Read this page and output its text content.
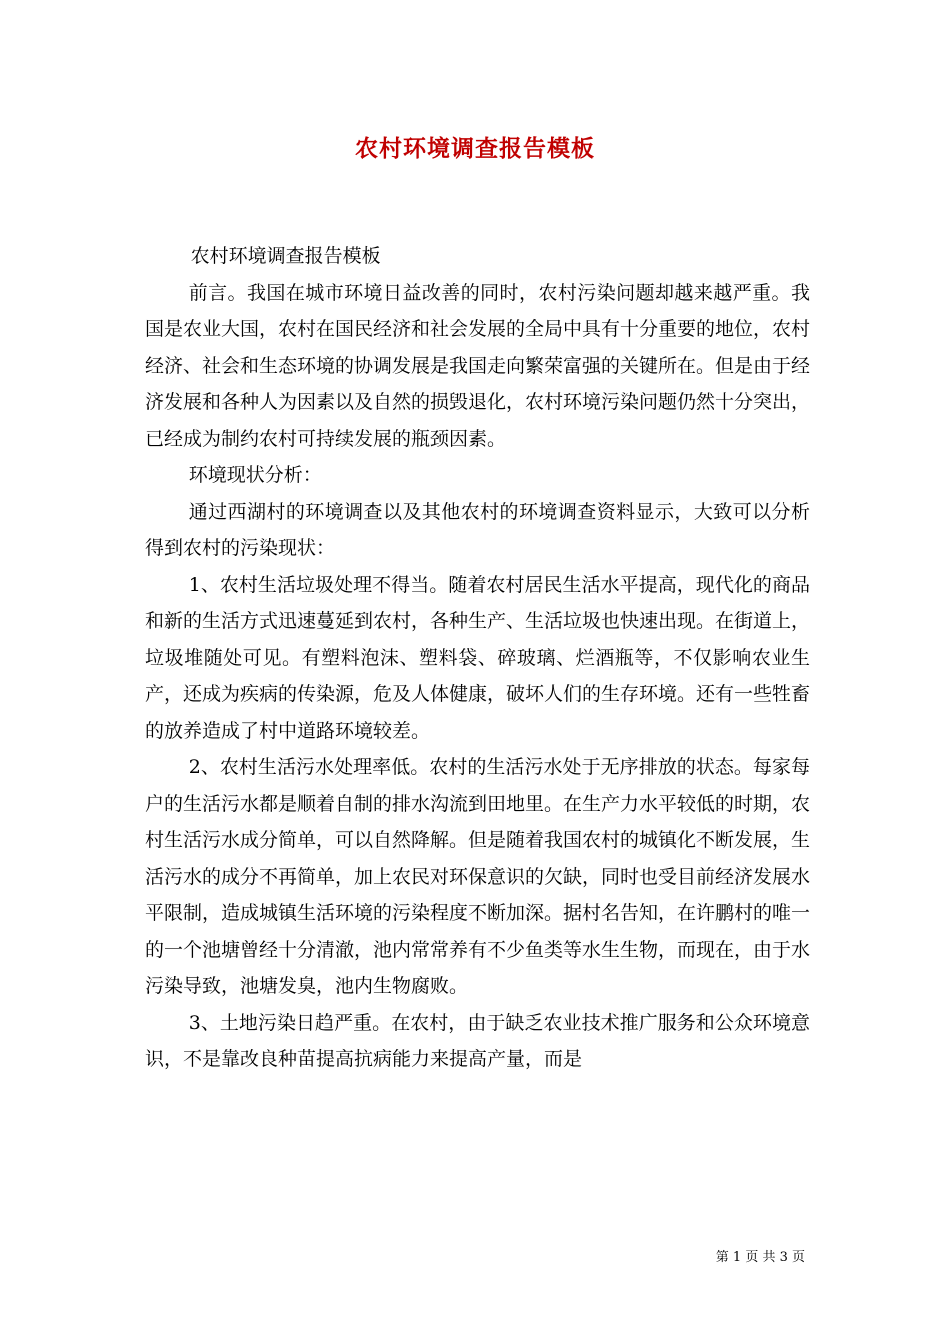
农村环境调查报告模板

农村环境调查报告模板

前言。我国在城市环境日益改善的同时，农村污染问题却越来越严重。我国是农业大国，农村在国民经济和社会发展的全局中具有十分重要的地位，农村经济、社会和生态环境的协调发展是我国走向繁荣富强的关键所在。但是由于经济发展和各种人为因素以及自然的损毁退化，农村环境污染问题仍然十分突出，已经成为制约农村可持续发展的瓶颈因素。

环境现状分析：

通过西湖村的环境调查以及其他农村的环境调查资料显示，大致可以分析得到农村的污染现状：

1、农村生活垃圾处理不得当。随着农村居民生活水平提高，现代化的商品和新的生活方式迅速蔓延到农村，各种生产、生活垃圾也快速出现。在街道上，垃圾堆随处可见。有塑料泡沫、塑料袋、碎玻璃、烂酒瓶等，不仅影响农业生产，还成为疾病的传染源，危及人体健康，破坏人们的生存环境。还有一些牲畜的放养造成了村中道路环境较差。

2、农村生活污水处理率低。农村的生活污水处于无序排放的状态。每家每户的生活污水都是顺着自制的排水沟流到田地里。在生产力水平较低的时期，农村生活污水成分简单，可以自然降解。但是随着我国农村的城镇化不断发展，生活污水的成分不再简单，加上农民对环保意识的欠缺，同时也受目前经济发展水平限制，造成城镇生活环境的污染程度不断加深。据村名告知，在许鹏村的唯一的一个池塘曾经十分清澈，池内常常养有不少鱼类等水生生物，而现在，由于水污染导致，池塘发臭，池内生物腐败。

3、土地污染日趋严重。在农村，由于缺乏农业技术推广服务和公众环境意识，不是靠改良种苗提高抗病能力来提高产量，而是

第 1 页 共 3 页
